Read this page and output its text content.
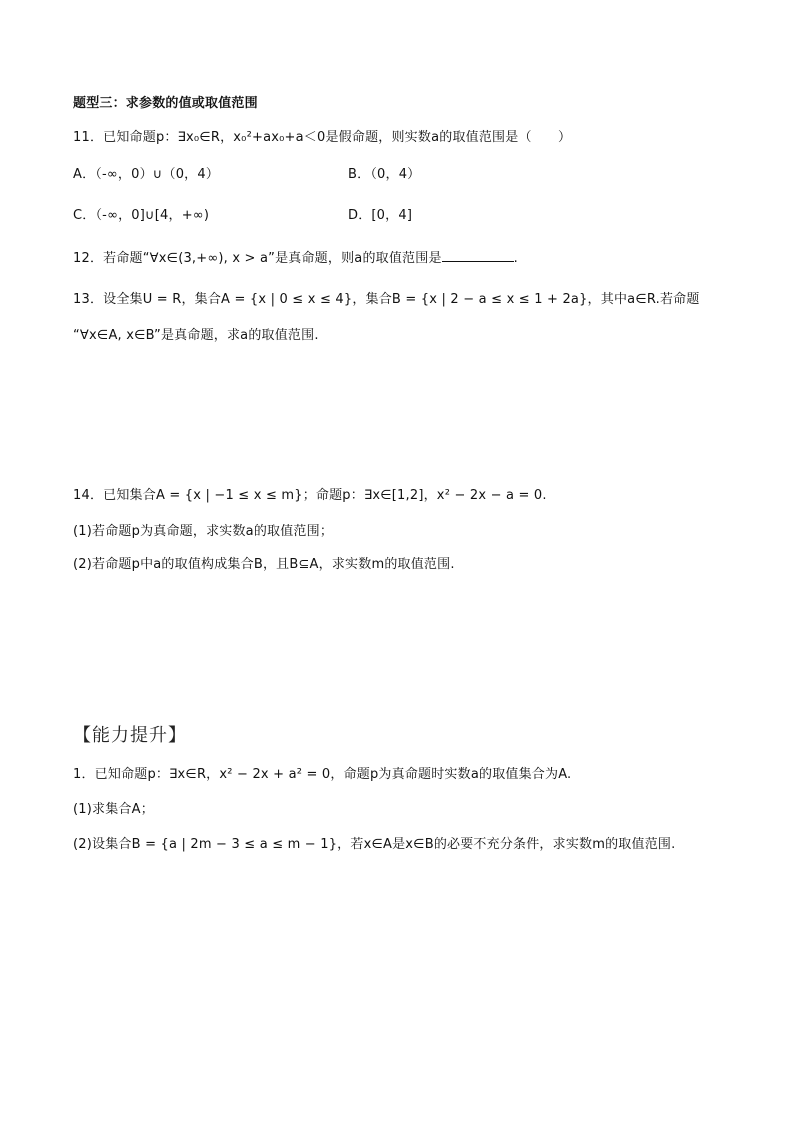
题型三：求参数的值或取值范围
11．已知命题p：∃x₀∈R，x₀²+ax₀+a＜0是假命题，则实数a的取值范围是（　　）
A．（-∞，0）∪（0，4）	B．（0，4）
C．（-∞，0]∪[4，+∞)	D．[0，4]
12．若命题“∀x∈(3,+∞), x > a”是真命题，则a的取值范围是	.
13．设全集U = R，集合A = {x | 0 ≤ x ≤ 4}，集合B = {x | 2 − a ≤ x ≤ 1 + 2a}，其中a∈R.若命题
“∀x∈A, x∈B”是真命题，求a的取值范围.
14．已知集合A = {x | −1 ≤ x ≤ m}；命题p：∃x∈[1,2]，x² − 2x − a = 0.
(1)若命题p为真命题，求实数a的取值范围；
(2)若命题p中a的取值构成集合B，且B⊆A，求实数m的取值范围.
【能力提升】
1．已知命题p：∃x∈R，x² − 2x + a² = 0，命题p为真命题时实数a的取值集合为A.
(1)求集合A；
(2)设集合B = {a | 2m − 3 ≤ a ≤ m − 1}，若x∈A是x∈B的必要不充分条件，求实数m的取值范围.
